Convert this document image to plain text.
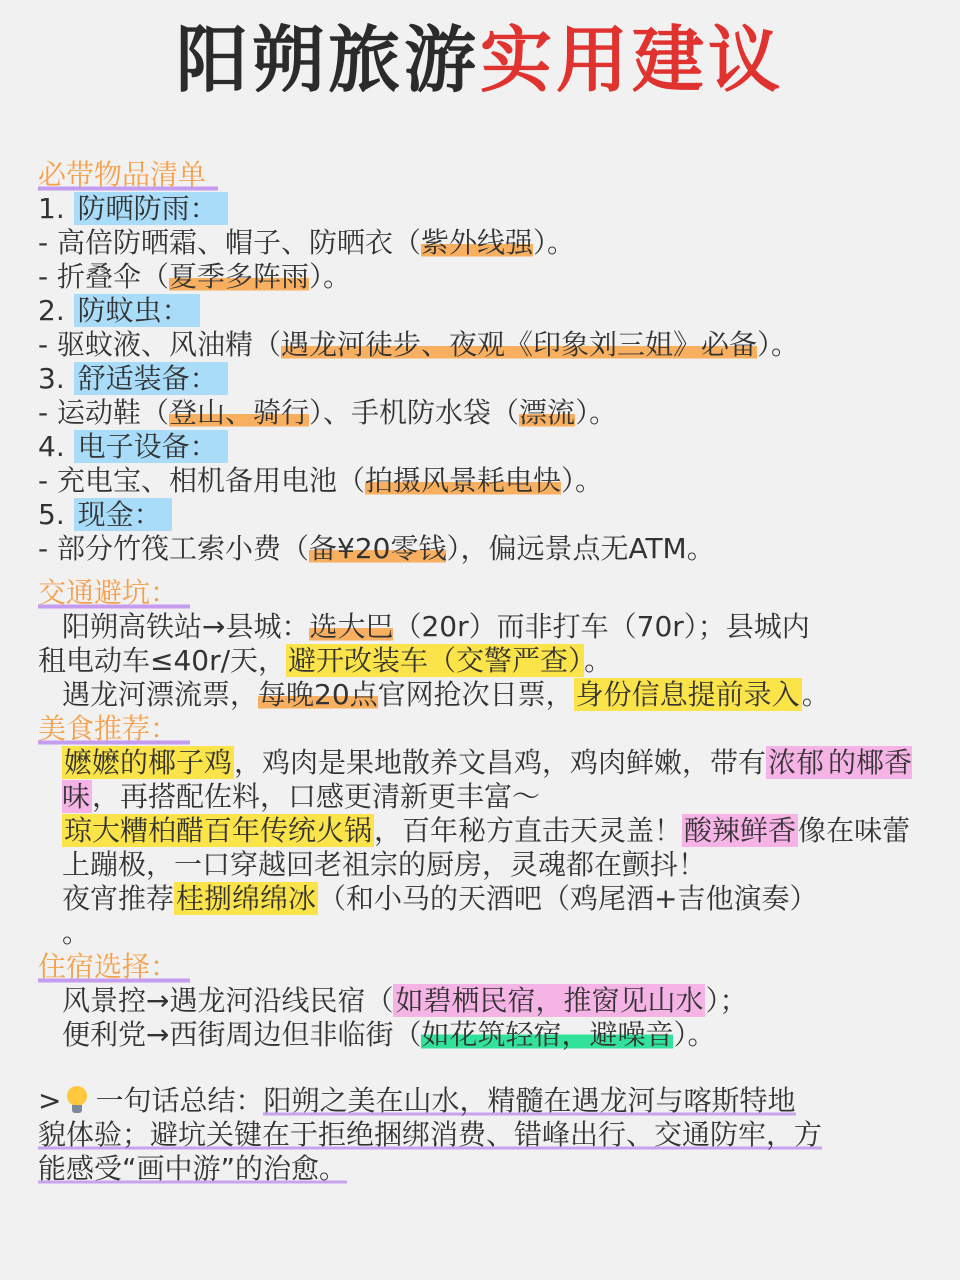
阳朔旅游实用建议
必带物品清单
1. 防晒防雨：
- 高倍防晒霜、帽子、防晒衣（紫外线强）。
- 折叠伞（夏季多阵雨）。
2. 防蚊虫：
- 驱蚊液、风油精（遇龙河徒步、夜观《印象刘三姐》必备）。
3. 舒适装备：
- 运动鞋（登山、骑行）、手机防水袋（漂流）。
4. 电子设备：
- 充电宝、相机备用电池（拍摄风景耗电快）。
5. 现金：
- 部分竹筏工索小费（备¥20零钱），偏远景点无ATM。
交通避坑：
阳朔高铁站→县城：选大巴（20r）而非打车（70r）；县城内
租电动车≤40r/天，避开改装车（交警严查）。
遇龙河漂流票，每晚20点官网抢次日票，身份信息提前录入。
美食推荐：
嬷嬷的椰子鸡，鸡肉是果地散养文昌鸡，鸡肉鲜嫩，带有浓郁 的椰香味，再搭配佐料，口感更清新更丰富～
琼大糟柏醋百年传统火锅，百年秘方直击天灵盖！酸辣鲜香像在味蕾上蹦极，一口穿越回老祖宗的厨房，灵魂都在颤抖！
夜宵推荐桂捌绵绵冰（和小马的天酒吧（鸡尾酒+吉他演奏）
。
住宿选择：
风景控→遇龙河沿线民宿（如碧栖民宿，推窗见山水）；
便利党→西街周边但非临街（如花筑轻宿，避噪音）。
> 一句话总结：阳朔之美在山水，精髓在遇龙河与喀斯特地
貌体验；避坑关键在于拒绝捆绑消费、错峰出行、交通防牢，方
能感受“画中游”的治愈。
